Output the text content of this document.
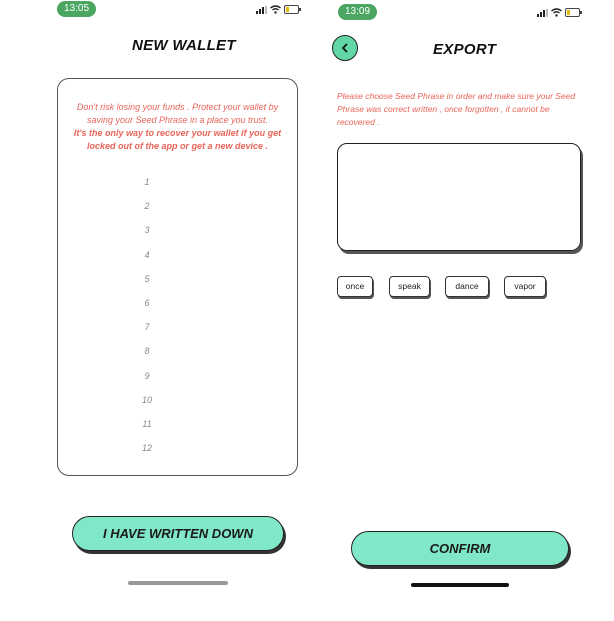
13:05
NEW WALLET
Don't risk losing your funds . Protect your wallet by saving your Seed Phrase in a place you trust.
It's the only way to recover your wallet if you get locked out of the app or get a new device .
1
2
3
4
5
6
7
8
9
10
11
12
I HAVE WRITTEN DOWN
13:09
EXPORT
Please choose Seed Phrase in order and make sure your Seed Phrase was correct written , once forgotten , it cannot be recovered .
once	speak	dance	vapor
CONFIRM
